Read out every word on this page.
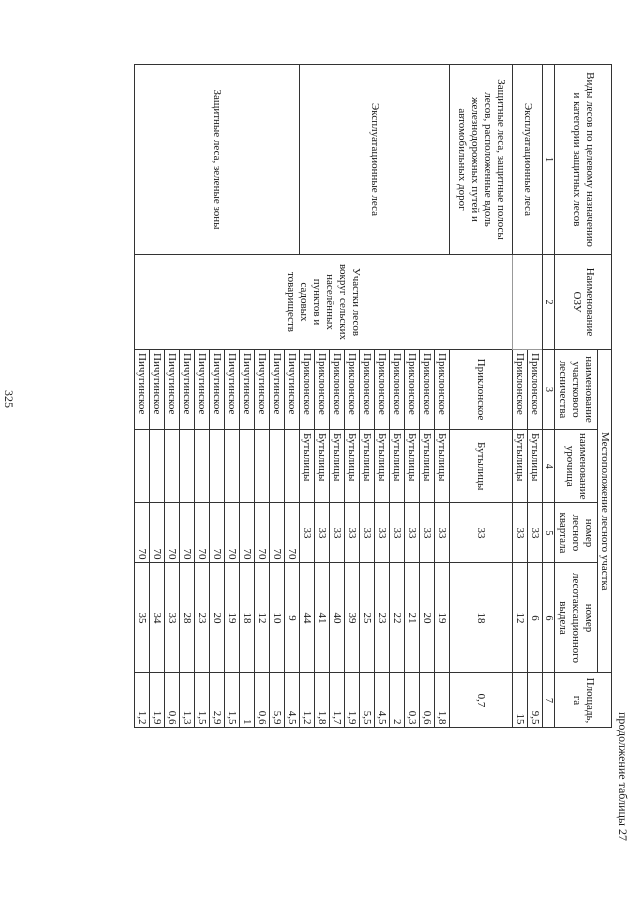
325
продолжение таблицы 27
Виды лесов по целевому назначению и категории защитных лесов	Наименование ОЗУ	Местоположение лесного участка				Площадь, га
		наименование участкового лесничества	наименование урочища	номер лесного квартала	номер лесотаксационного выдела	
1	2	3	4	5	6	7
Эксплуатационные леса		Приклонское	Бутылицы	33	6	9,5
		Приклонское	Бутылицы	33	12	15
Защитные леса, защитные полосы лесов, расположенные вдоль железнодорожных путей и автомобильных дорог	Участки лесов вокруг сельских населённых пунктов и садовых товариществ	Приклонское	Бутылицы	33	18	0,7
Эксплуатационные леса		Приклонское	Бутылицы	33	19	1,8
		Приклонское	Бутылицы	33	20	0,6
		Приклонское	Бутылицы	33	21	0,3
		Приклонское	Бутылицы	33	22	2
		Приклонское	Бутылицы	33	23	4,5
		Приклонское	Бутылицы	33	25	5,5
		Приклонское	Бутылицы	33	39	1,9
		Приклонское	Бутылицы	33	40	1,7
		Приклонское	Бутылицы	33	41	1,8
		Приклонское	Бутылицы	33	44	1,2
Защитные леса, зеленые зоны		Пичугинское		70	9	4,5
		Пичугинское		70	10	5,9
		Пичугинское		70	12	0,6
		Пичугинское		70	18	1
		Пичугинское		70	19	1,5
		Пичугинское		70	20	2,9
		Пичугинское		70	23	1,5
		Пичугинское		70	28	1,3
		Пичугинское		70	33	0,6
		Пичугинское		70	34	1,9
		Пичугинское		70	35	1,2
